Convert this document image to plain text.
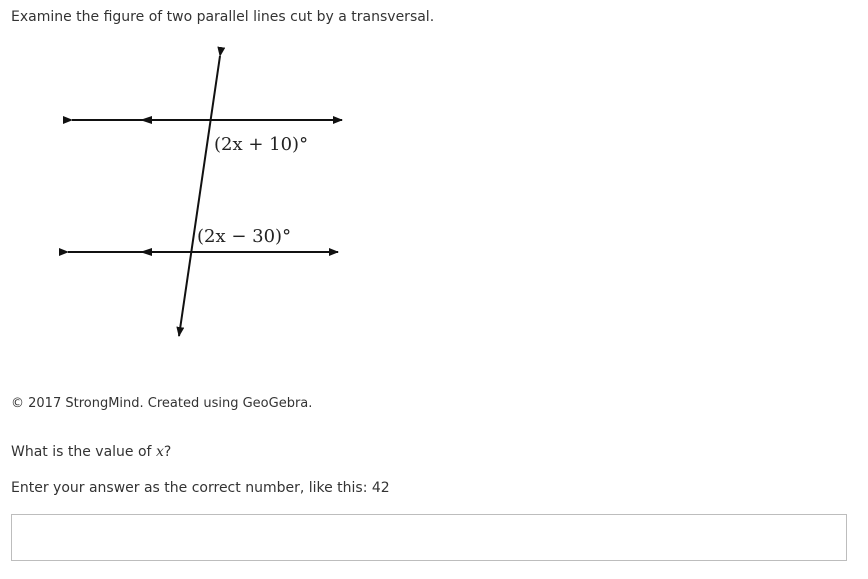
Examine the figure of two parallel lines cut by a transversal.

(2x + 10)°
(2x − 30)°

© 2017 StrongMind. Created using GeoGebra.

What is the value of x?

Enter your answer as the correct number, like this: 42
